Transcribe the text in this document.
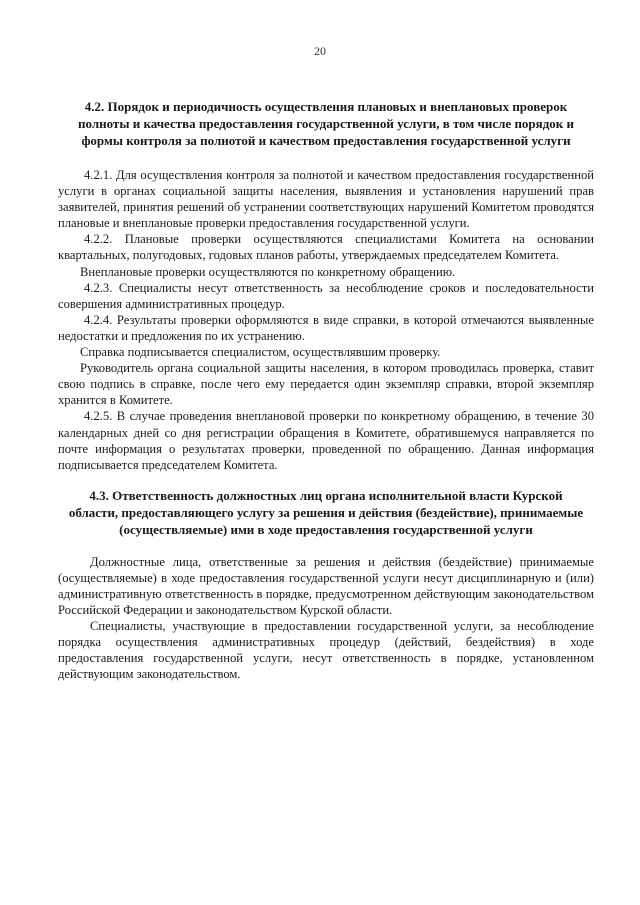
20
4.2. Порядок и периодичность осуществления плановых и внеплановых проверок полноты и качества предоставления государственной услуги, в том числе порядок и формы контроля за полнотой и качеством предоставления государственной услуги

4.2.1. Для осуществления контроля за полнотой и качеством предоставления государственной услуги в органах социальной защиты населения, выявления и установления нарушений прав заявителей, принятия решений об устранении соответствующих нарушений Комитетом проводятся плановые и внеплановые проверки предоставления государственной услуги.

4.2.2. Плановые проверки осуществляются специалистами Комитета на основании квартальных, полугодовых, годовых планов работы, утверждаемых председателем Комитета.

Внеплановые проверки осуществляются по конкретному обращению.

4.2.3. Специалисты несут ответственность за несоблюдение сроков и последовательности совершения административных процедур.

4.2.4. Результаты проверки оформляются в виде справки, в которой отмечаются выявленные недостатки и предложения по их устранению.

Справка подписывается специалистом, осуществлявшим проверку.

Руководитель органа социальной защиты населения, в котором проводилась проверка, ставит свою подпись в справке, после чего ему передается один экземпляр справки, второй экземпляр хранится в Комитете.

4.2.5. В случае проведения внеплановой проверки по конкретному обращению, в течение 30 календарных дней со дня регистрации обращения в Комитете, обратившемуся направляется по почте информация о результатах проверки, проведенной по обращению. Данная информация подписывается председателем Комитета.

4.3. Ответственность должностных лиц органа исполнительной власти Курской области, предоставляющего услугу за решения и действия (бездействие), принимаемые (осуществляемые) ими в ходе предоставления государственной услуги

Должностные лица, ответственные за решения и действия (бездействие) принимаемые (осуществляемые) в ходе предоставления государственной услуги несут дисциплинарную и (или) административную ответственность в порядке, предусмотренном действующим законодательством Российской Федерации и законодательством Курской области.

Специалисты, участвующие в предоставлении государственной услуги, за несоблюдение порядка осуществления административных процедур (действий, бездействия) в ходе предоставления государственной услуги, несут ответственность в порядке, установленном действующим законодательством.
